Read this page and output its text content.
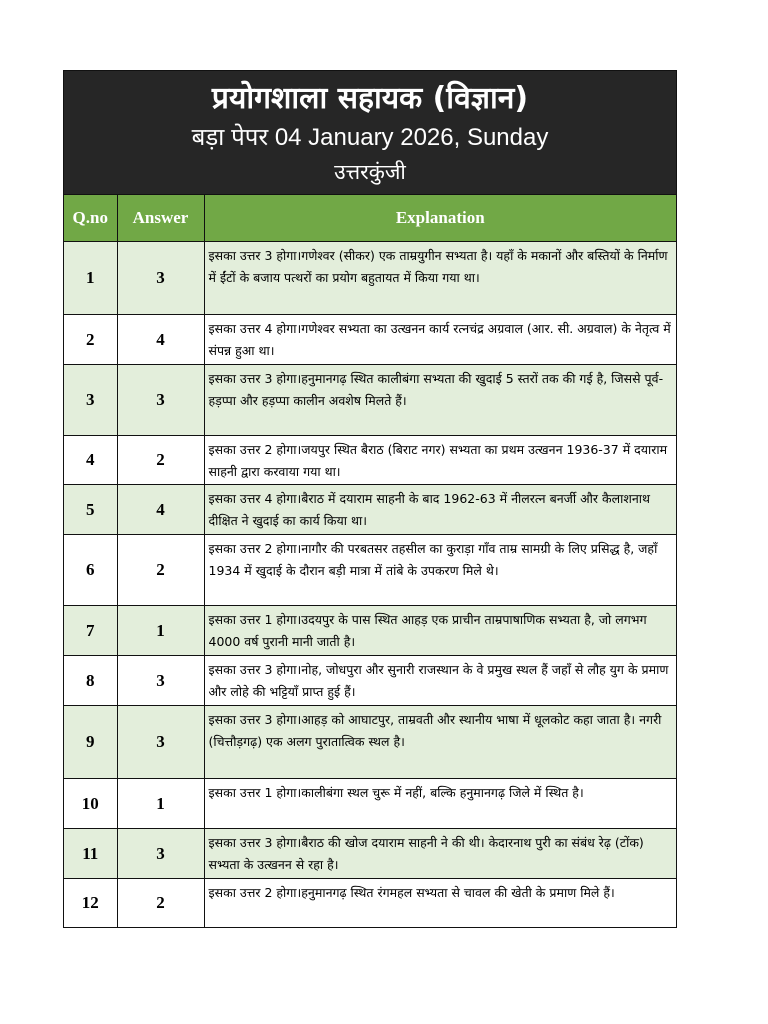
प्रयोगशाला सहायक (विज्ञान)
बड़ा पेपर 04 January 2026, Sunday
उत्तरकुंजी
Q.no	Answer	Explanation
1	3	इसका उत्तर 3 होगा।गणेश्वर (सीकर) एक ताम्रयुगीन सभ्यता है। यहाँ के मकानों और बस्तियों के निर्माण में ईंटों के बजाय पत्थरों का प्रयोग बहुतायत में किया गया था।
2	4	इसका उत्तर 4 होगा।गणेश्वर सभ्यता का उत्खनन कार्य रत्नचंद्र अग्रवाल (आर. सी. अग्रवाल) के नेतृत्व में संपन्न हुआ था।
3	3	इसका उत्तर 3 होगा।हनुमानगढ़ स्थित कालीबंगा सभ्यता की खुदाई 5 स्तरों तक की गई है, जिससे पूर्व-हड़प्पा और हड़प्पा कालीन अवशेष मिलते हैं।
4	2	इसका उत्तर 2 होगा।जयपुर स्थित बैराठ (बिराट नगर) सभ्यता का प्रथम उत्खनन 1936-37 में दयाराम साहनी द्वारा करवाया गया था।
5	4	इसका उत्तर 4 होगा।बैराठ में दयाराम साहनी के बाद 1962-63 में नीलरत्न बनर्जी और कैलाशनाथ दीक्षित ने खुदाई का कार्य किया था।
6	2	इसका उत्तर 2 होगा।नागौर की परबतसर तहसील का कुराड़ा गाँव ताम्र सामग्री के लिए प्रसिद्ध है, जहाँ 1934 में खुदाई के दौरान बड़ी मात्रा में तांबे के उपकरण मिले थे।
7	1	इसका उत्तर 1 होगा।उदयपुर के पास स्थित आहड़ एक प्राचीन ताम्रपाषाणिक सभ्यता है, जो लगभग 4000 वर्ष पुरानी मानी जाती है।
8	3	इसका उत्तर 3 होगा।नोह, जोधपुरा और सुनारी राजस्थान के वे प्रमुख स्थल हैं जहाँ से लौह युग के प्रमाण और लोहे की भट्टियाँ प्राप्त हुई हैं।
9	3	इसका उत्तर 3 होगा।आहड़ को आघाटपुर, ताम्रवती और स्थानीय भाषा में धूलकोट कहा जाता है। नगरी (चित्तौड़गढ़) एक अलग पुरातात्विक स्थल है।
10	1	इसका उत्तर 1 होगा।कालीबंगा स्थल चुरू में नहीं, बल्कि हनुमानगढ़ जिले में स्थित है।
11	3	इसका उत्तर 3 होगा।बैराठ की खोज दयाराम साहनी ने की थी। केदारनाथ पुरी का संबंध रेढ़ (टोंक) सभ्यता के उत्खनन से रहा है।
12	2	इसका उत्तर 2 होगा।हनुमानगढ़ स्थित रंगमहल सभ्यता से चावल की खेती के प्रमाण मिले हैं।
